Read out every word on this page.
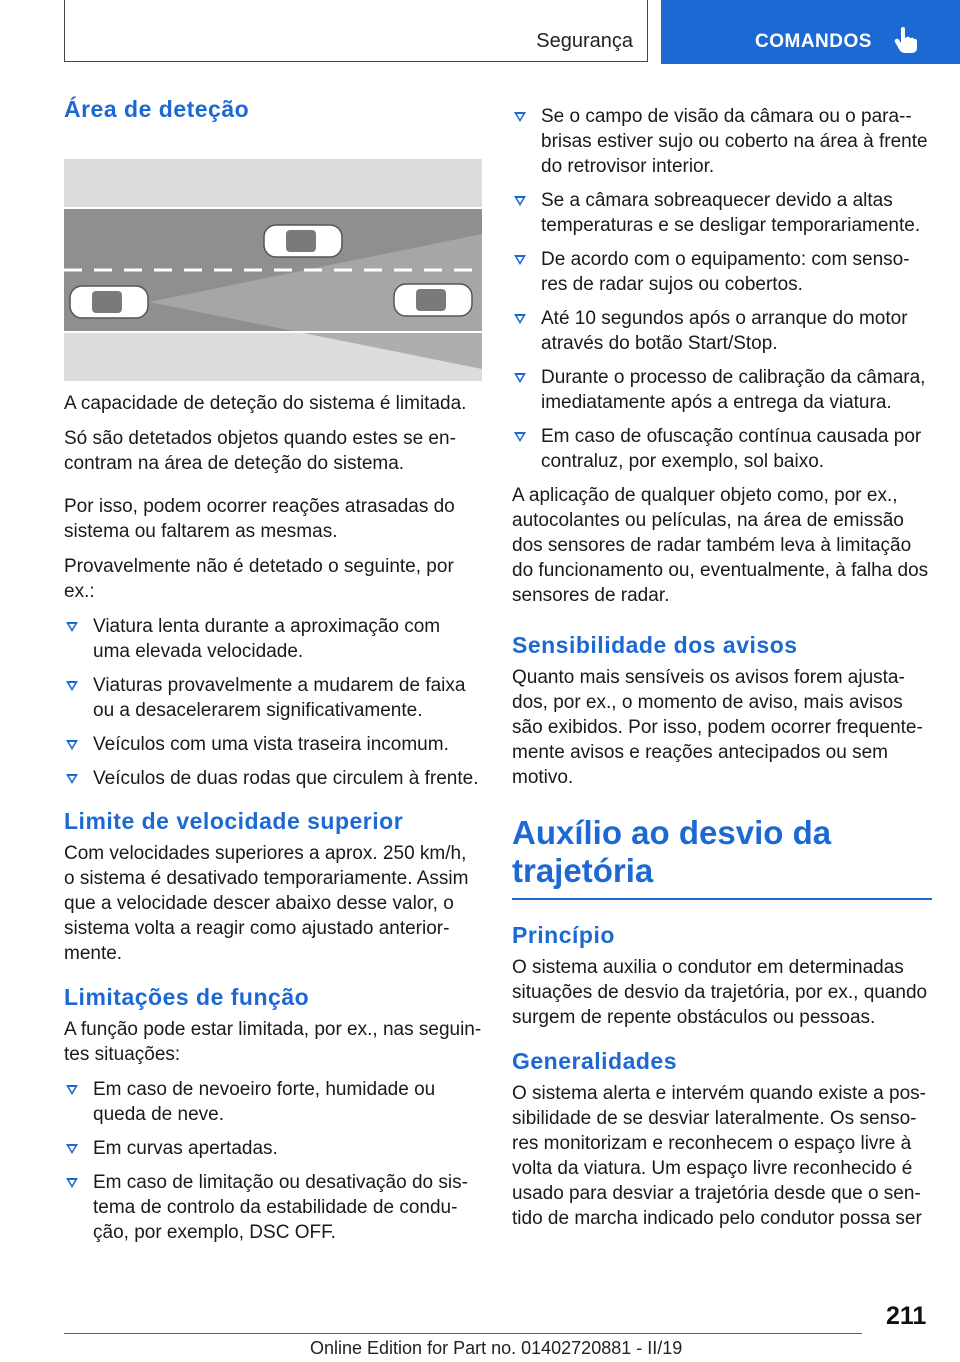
Segurança	COMANDOS
Área de deteção

A capacidade de deteção do sistema é limitada.

Só são detetados objetos quando estes se en-contram na área de deteção do sistema.

Por isso, podem ocorrer reações atrasadas do sistema ou faltarem as mesmas.

Provavelmente não é detetado o seguinte, por ex.:

Viatura lenta durante a aproximação com uma elevada velocidade.
Viaturas provavelmente a mudarem de faixa ou a desacelerarem significativamente.
Veículos com uma vista traseira incomum.
Veículos de duas rodas que circulem à frente.
Limite de velocidade superior

Com velocidades superiores a aprox. 250 km/h, o sistema é desativado temporariamente. Assim que a velocidade descer abaixo desse valor, o sistema volta a reagir como ajustado anterior-mente.

Limitações de função

A função pode estar limitada, por ex., nas seguin-tes situações:

Em caso de nevoeiro forte, humidade ou queda de neve.
Em curvas apertadas.
Em caso de limitação ou desativação do sis-tema de controlo da estabilidade de condu-ção, por exemplo, DSC OFF.
Se o campo de visão da câmara ou o para--brisas estiver sujo ou coberto na área à frente do retrovisor interior.
Se a câmara sobreaquecer devido a altas temperaturas e se desligar temporariamente.
De acordo com o equipamento: com senso-res de radar sujos ou cobertos.
Até 10 segundos após o arranque do motor através do botão Start/Stop.
Durante o processo de calibração da câmara, imediatamente após a entrega da viatura.
Em caso de ofuscação contínua causada por contraluz, por exemplo, sol baixo.

A aplicação de qualquer objeto como, por ex., autocolantes ou películas, na área de emissão dos sensores de radar também leva à limitação do funcionamento ou, eventualmente, à falha dos sensores de radar.

Sensibilidade dos avisos

Quanto mais sensíveis os avisos forem ajusta-dos, por ex., o momento de aviso, mais avisos são exibidos. Por isso, podem ocorrer frequente-mente avisos e reações antecipados ou sem motivo.

Auxílio ao desvio da trajetória
Princípio

O sistema auxilia o condutor em determinadas situações de desvio da trajetória, por ex., quando surgem de repente obstáculos ou pessoas.

Generalidades

O sistema alerta e intervém quando existe a pos-sibilidade de se desviar lateralmente. Os senso-res monitorizam e reconhecem o espaço livre à volta da viatura. Um espaço livre reconhecido é usado para desviar a trajetória desde que o sen-tido de marcha indicado pelo condutor possa ser

211
Online Edition for Part no. 01402720881 - II/19
